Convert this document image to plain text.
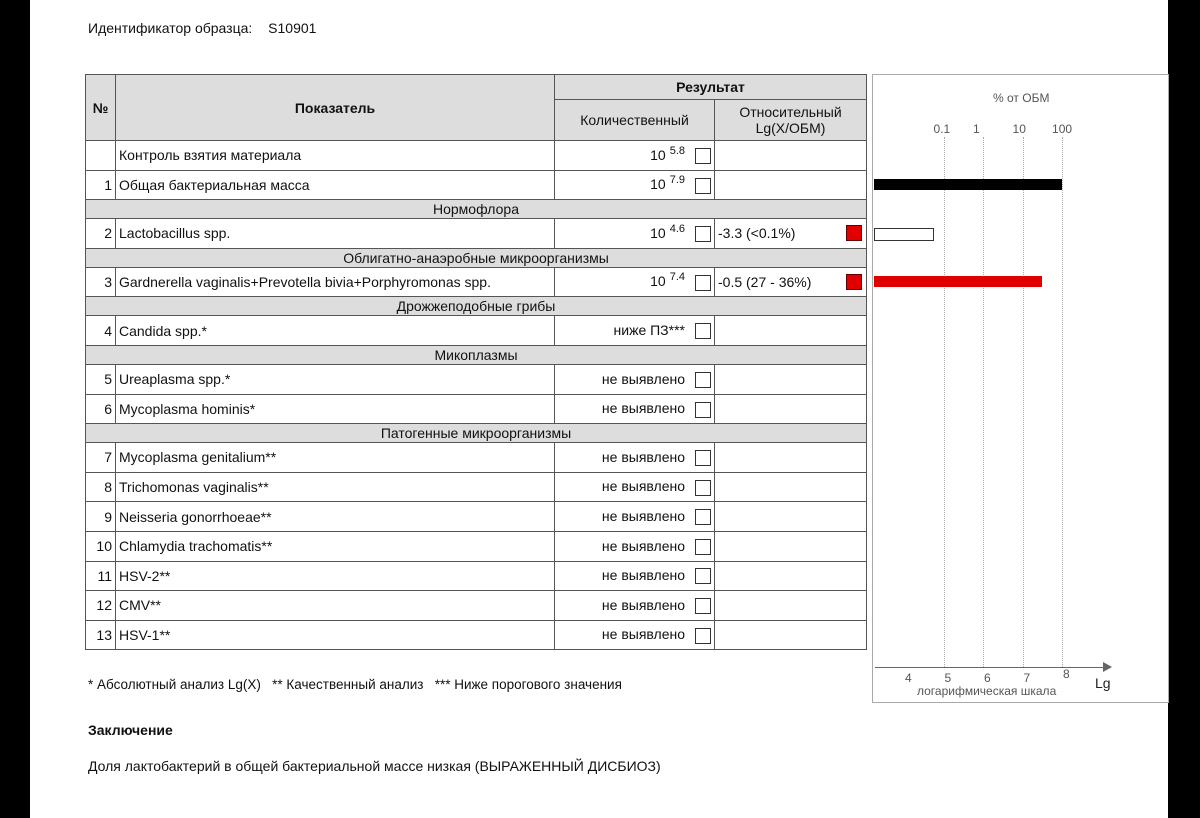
Идентификатор образца: S10901
№	Показатель	Результат	
		Количественный	Относительный
Lg(X/ОБМ)
	Контроль взятия материала	10 $^{5.8}$	
1	Общая бактериальная масса	10 $^{7.9}$	
Нормофлора			
2	Lactobacillus spp.	10 $^{4.6}$	-3.3 (<0.1%)

Облигатно-анаэробные микроорганизмы			
3	Gardnerella vaginalis+Prevotella bivia+Porphyromonas spp.	10 $^{7.4}$	-0.5 (27 - 36%)

Дрожжеподобные грибы			
4	Candida spp.*	ниже ПЗ***	
Микоплазмы			
5	Ureaplasma spp.*	не выявлено	
6	Mycoplasma hominis*	не выявлено	
Патогенные микроорганизмы			
7	Mycoplasma genitalium**	не выявлено	
8	Trichomonas vaginalis**	не выявлено	
9	Neisseria gonorrhoeae**	не выявлено	
10	Chlamydia trachomatis**	не выявлено	
11	HSV-2**	не выявлено	
12	CMV**	не выявлено	
13	HSV-1**	не выявлено	
* Абсолютный анализ Lg(X)   ** Качественный анализ   *** Ниже порогового значения
Заключение
Доля лактобактерий в общей бактериальной массе низкая (ВЫРАЖЕННЫЙ ДИСБИОЗ)
% от ОБМ
логарифмическая шкала	Lg
0.1 1	10 100
4	5	6	7	8
